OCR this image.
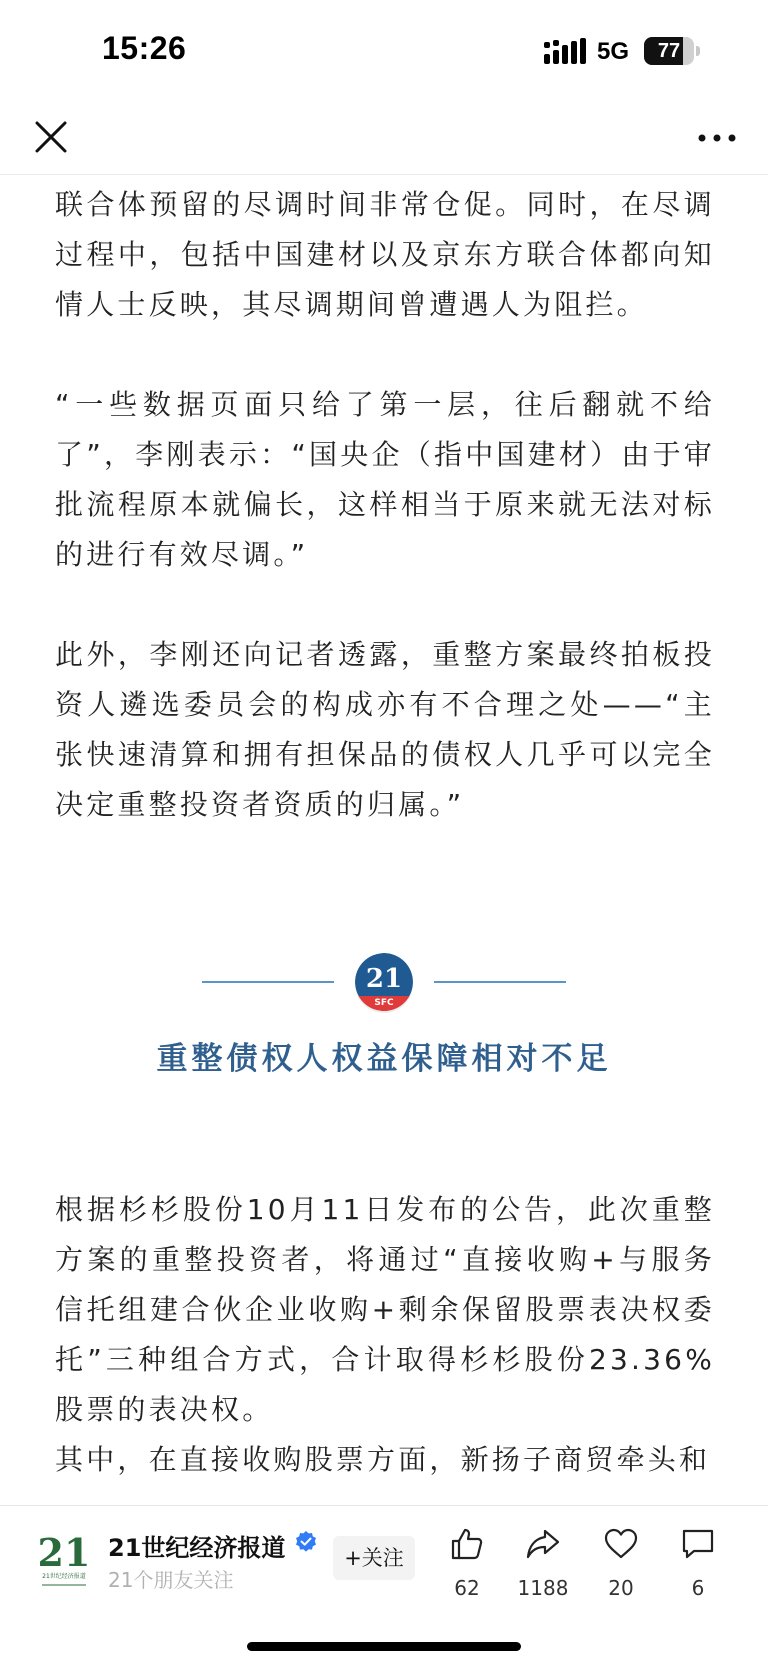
15:26	5G	77

联合体预留的尽调时间非常仓促。同时，在尽调过程中，包括中国建材以及京东方联合体都向知情人士反映，其尽调期间曾遭遇人为阻拦。

“一些数据页面只给了第一层，往后翻就不给了”，李刚表示：“国央企（指中国建材）由于审批流程原本就偏长，这样相当于原来就无法对标的进行有效尽调。”

此外，李刚还向记者透露，重整方案最终拍板投资人遴选委员会的构成亦有不合理之处——“主张快速清算和拥有担保品的债权人几乎可以完全决定重整投资者资质的归属。”

根据杉杉股份10月11日发布的公告，此次重整方案的重整投资者，将通过“直接收购+与服务信托组建合伙企业收购+剩余保留股票表决权委托”三种组合方式，合计取得杉杉股份23.36%股票的表决权。

其中，在直接收购股票方面，新扬子商贸牵头和

21
SFC
重整债权人权益保障相对不足
21
21世纪经济报道
21世纪经济报道
21个朋友关注
+关注
62	1188	20	6
